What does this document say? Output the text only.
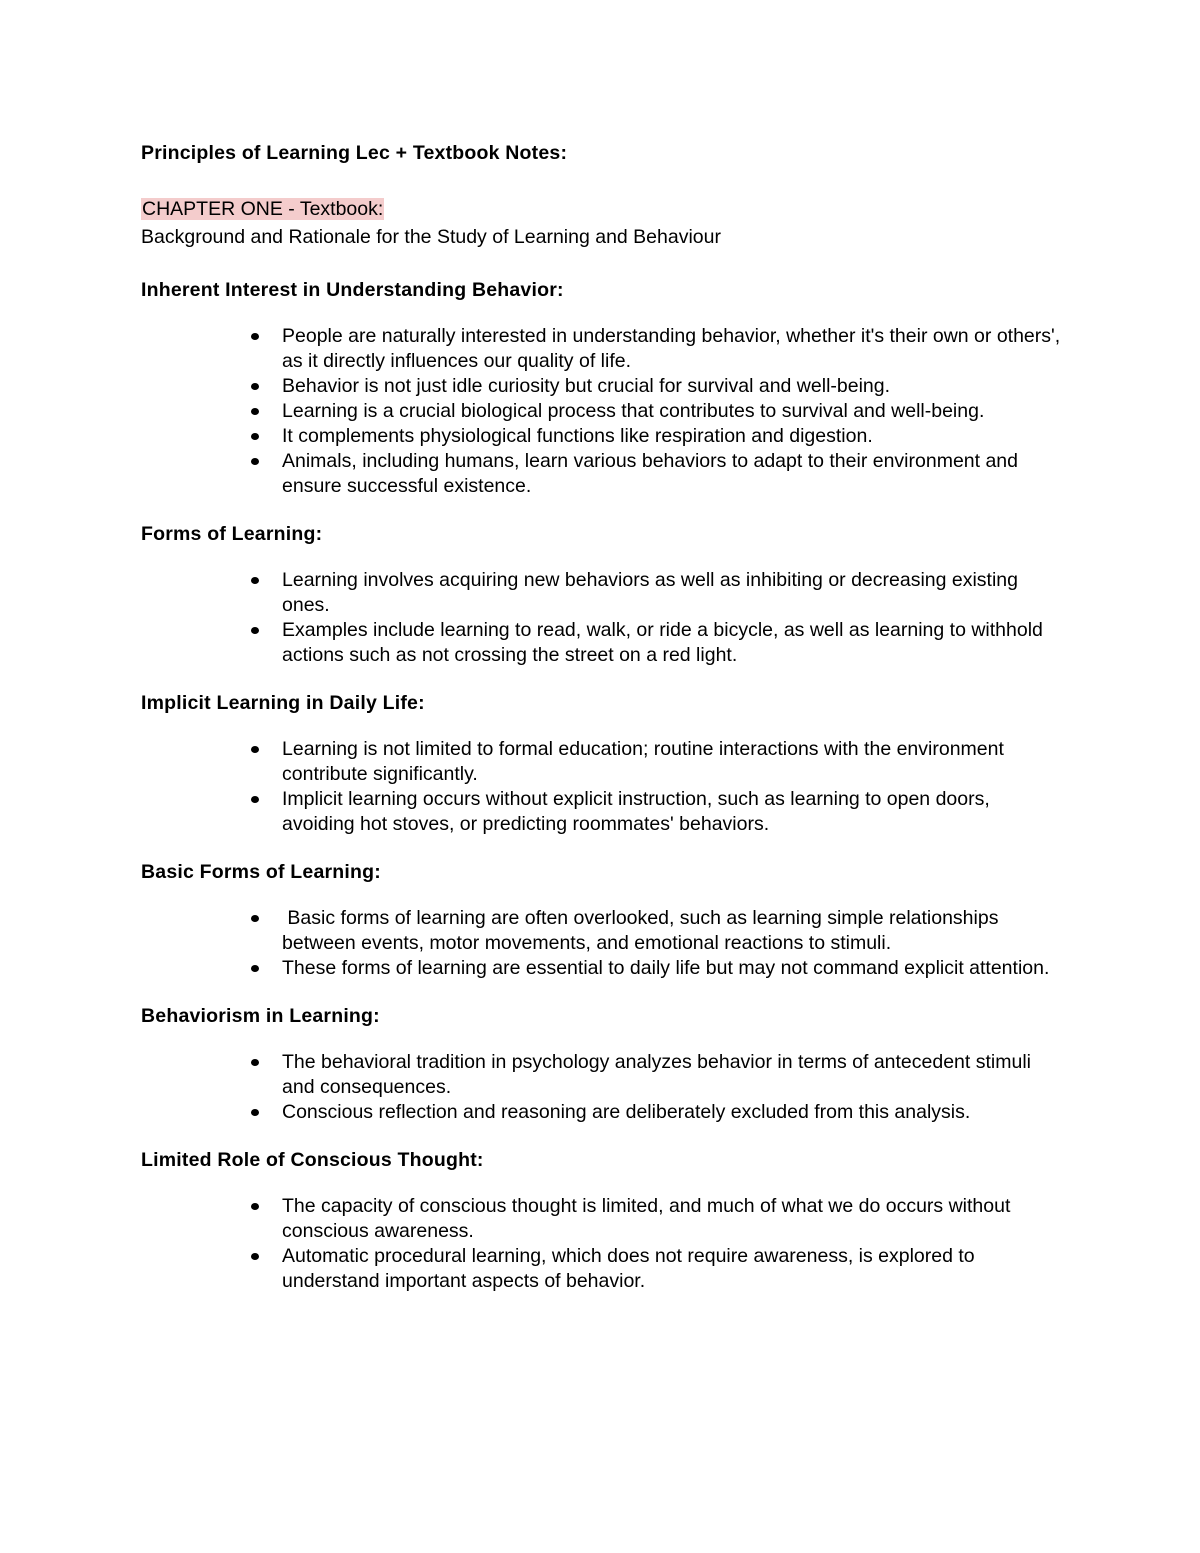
Principles of Learning Lec + Textbook Notes:
CHAPTER ONE - Textbook:
Background and Rationale for the Study of Learning and Behaviour
Inherent Interest in Understanding Behavior:
People are naturally interested in understanding behavior, whether it's their own or others', as it directly influences our quality of life.
Behavior is not just idle curiosity but crucial for survival and well-being.
Learning is a crucial biological process that contributes to survival and well-being.
It complements physiological functions like respiration and digestion.
Animals, including humans, learn various behaviors to adapt to their environment and ensure successful existence.
Forms of Learning:
Learning involves acquiring new behaviors as well as inhibiting or decreasing existing ones.
Examples include learning to read, walk, or ride a bicycle, as well as learning to withhold actions such as not crossing the street on a red light.
Implicit Learning in Daily Life:
Learning is not limited to formal education; routine interactions with the environment contribute significantly.
Implicit learning occurs without explicit instruction, such as learning to open doors, avoiding hot stoves, or predicting roommates' behaviors.
Basic Forms of Learning:
Basic forms of learning are often overlooked, such as learning simple relationships between events, motor movements, and emotional reactions to stimuli.
These forms of learning are essential to daily life but may not command explicit attention.
Behaviorism in Learning:
The behavioral tradition in psychology analyzes behavior in terms of antecedent stimuli and consequences.
Conscious reflection and reasoning are deliberately excluded from this analysis.
Limited Role of Conscious Thought:
The capacity of conscious thought is limited, and much of what we do occurs without conscious awareness.
Automatic procedural learning, which does not require awareness, is explored to understand important aspects of behavior.
